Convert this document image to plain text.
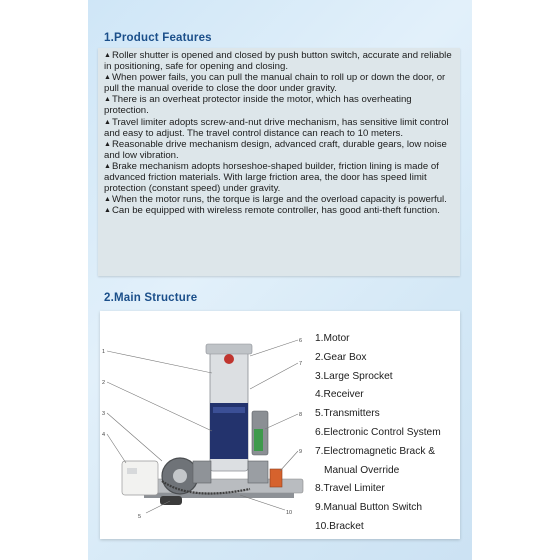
1.Product Features

▲Roller shutter is opened and closed by push button switch, accurate and reliable in positioning, safe for opening and closing.

▲When power fails, you can pull the manual chain to roll up or down the door, or pull the manual overide to close the door under gravity.

▲There is an overheat protector inside the motor, which has overheating protection.

▲Travel limiter adopts screw-and-nut drive mechanism, has sensitive limit control and easy to adjust. The travel control distance can reach to 10 meters.

▲Reasonable drive mechanism design, advanced craft, durable gears, low noise and low vibration.

▲Brake mechanism adopts horseshoe-shaped builder, friction lining is made of advanced friction materials. With large friction area, the door has speed limit protection (constant speed) under gravity.

▲When the motor runs, the torque is large and the overload capacity is powerful.

▲Can be equipped with wireless remote controller, has good anti-theft function.

2.Main Structure
1
2
3
4
5
6
7
8
9
10
1.Motor
2.Gear Box
3.Large Sprocket
4.Receiver
5.Transmitters
6.Electronic Control System
7.Electromagnetic Brack &
Manual Override
8.Travel Limiter
9.Manual Button Switch
10.Bracket
